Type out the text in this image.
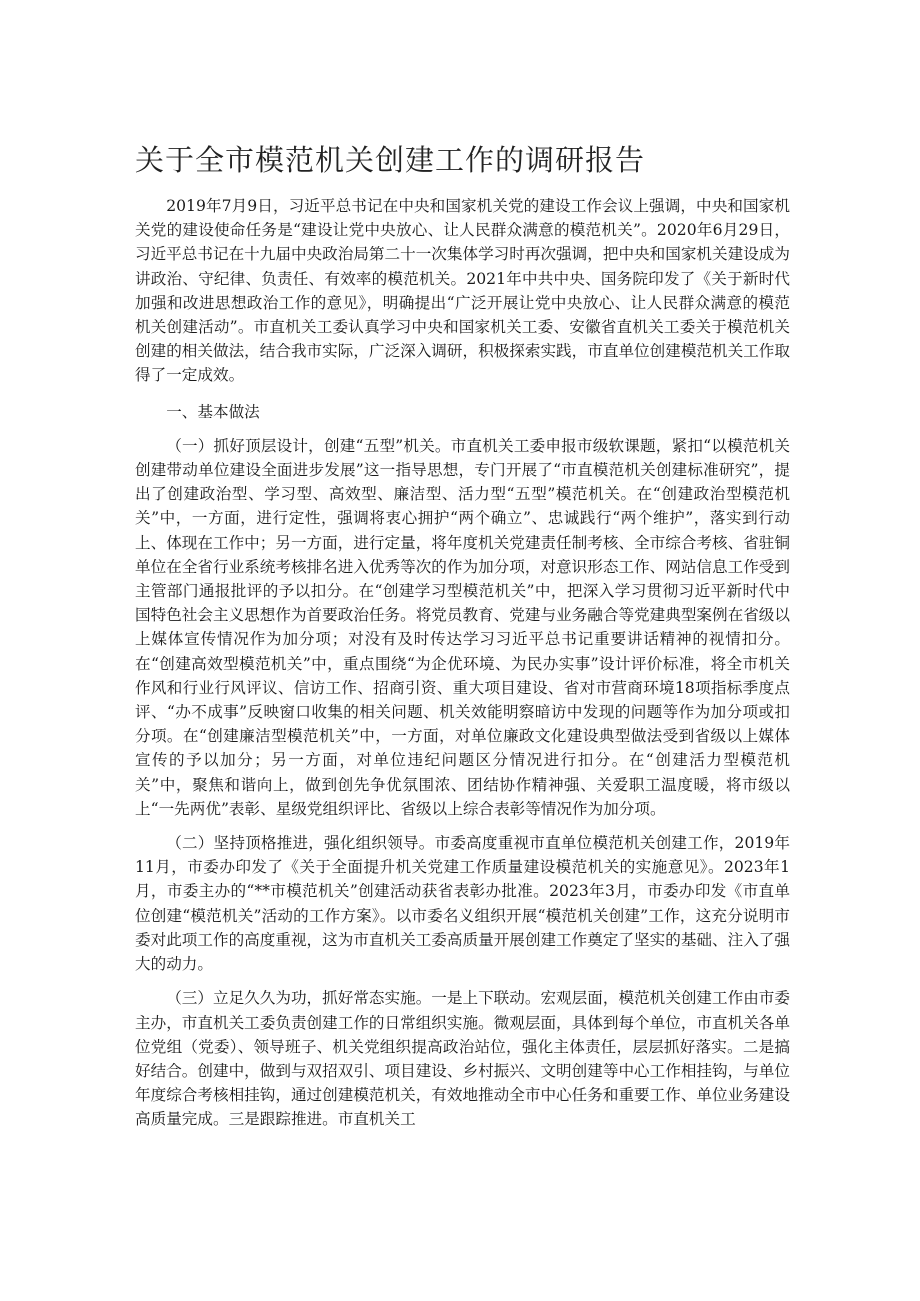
关于全市模范机关创建工作的调研报告

2019年7月9日，习近平总书记在中央和国家机关党的建设工作会议上强调，中央和国家机关党的建设使命任务是“建设让党中央放心、让人民群众满意的模范机关”。2020年6月29日，习近平总书记在十九届中央政治局第二十一次集体学习时再次强调，把中央和国家机关建设成为讲政治、守纪律、负责任、有效率的模范机关。2021年中共中央、国务院印发了《关于新时代加强和改进思想政治工作的意见》，明确提出“广泛开展让党中央放心、让人民群众满意的模范机关创建活动”。市直机关工委认真学习中央和国家机关工委、安徽省直机关工委关于模范机关创建的相关做法，结合我市实际，广泛深入调研，积极探索实践，市直单位创建模范机关工作取得了一定成效。

一、基本做法

（一）抓好顶层设计，创建“五型”机关。市直机关工委申报市级软课题，紧扣“以模范机关创建带动单位建设全面进步发展”这一指导思想，专门开展了“市直模范机关创建标准研究”，提出了创建政治型、学习型、高效型、廉洁型、活力型“五型”模范机关。在“创建政治型模范机关”中，一方面，进行定性，强调将衷心拥护“两个确立”、忠诚践行“两个维护”，落实到行动上、体现在工作中；另一方面，进行定量，将年度机关党建责任制考核、全市综合考核、省驻铜单位在全省行业系统考核排名进入优秀等次的作为加分项，对意识形态工作、网站信息工作受到主管部门通报批评的予以扣分。在“创建学习型模范机关”中，把深入学习贯彻习近平新时代中国特色社会主义思想作为首要政治任务。将党员教育、党建与业务融合等党建典型案例在省级以上媒体宣传情况作为加分项；对没有及时传达学习习近平总书记重要讲话精神的视情扣分。在“创建高效型模范机关”中，重点围绕“为企优环境、为民办实事”设计评价标准，将全市机关作风和行业行风评议、信访工作、招商引资、重大项目建设、省对市营商环境18项指标季度点评、“办不成事”反映窗口收集的相关问题、机关效能明察暗访中发现的问题等作为加分项或扣分项。在“创建廉洁型模范机关”中，一方面，对单位廉政文化建设典型做法受到省级以上媒体宣传的予以加分；另一方面，对单位违纪问题区分情况进行扣分。在“创建活力型模范机关”中，聚焦和谐向上，做到创先争优氛围浓、团结协作精神强、关爱职工温度暖，将市级以上“一先两优”表彰、星级党组织评比、省级以上综合表彰等情况作为加分项。

（二）坚持顶格推进，强化组织领导。市委高度重视市直单位模范机关创建工作，2019年11月，市委办印发了《关于全面提升机关党建工作质量建设模范机关的实施意见》。2023年1月，市委主办的“**市模范机关”创建活动获省表彰办批准。2023年3月，市委办印发《市直单位创建“模范机关”活动的工作方案》。以市委名义组织开展“模范机关创建”工作，这充分说明市委对此项工作的高度重视，这为市直机关工委高质量开展创建工作奠定了坚实的基础、注入了强大的动力。

（三）立足久久为功，抓好常态实施。一是上下联动。宏观层面，模范机关创建工作由市委主办，市直机关工委负责创建工作的日常组织实施。微观层面，具体到每个单位，市直机关各单位党组（党委）、领导班子、机关党组织提高政治站位，强化主体责任，层层抓好落实。二是搞好结合。创建中，做到与双招双引、项目建设、乡村振兴、文明创建等中心工作相挂钩，与单位年度综合考核相挂钩，通过创建模范机关，有效地推动全市中心任务和重要工作、单位业务建设高质量完成。三是跟踪推进。市直机关工
